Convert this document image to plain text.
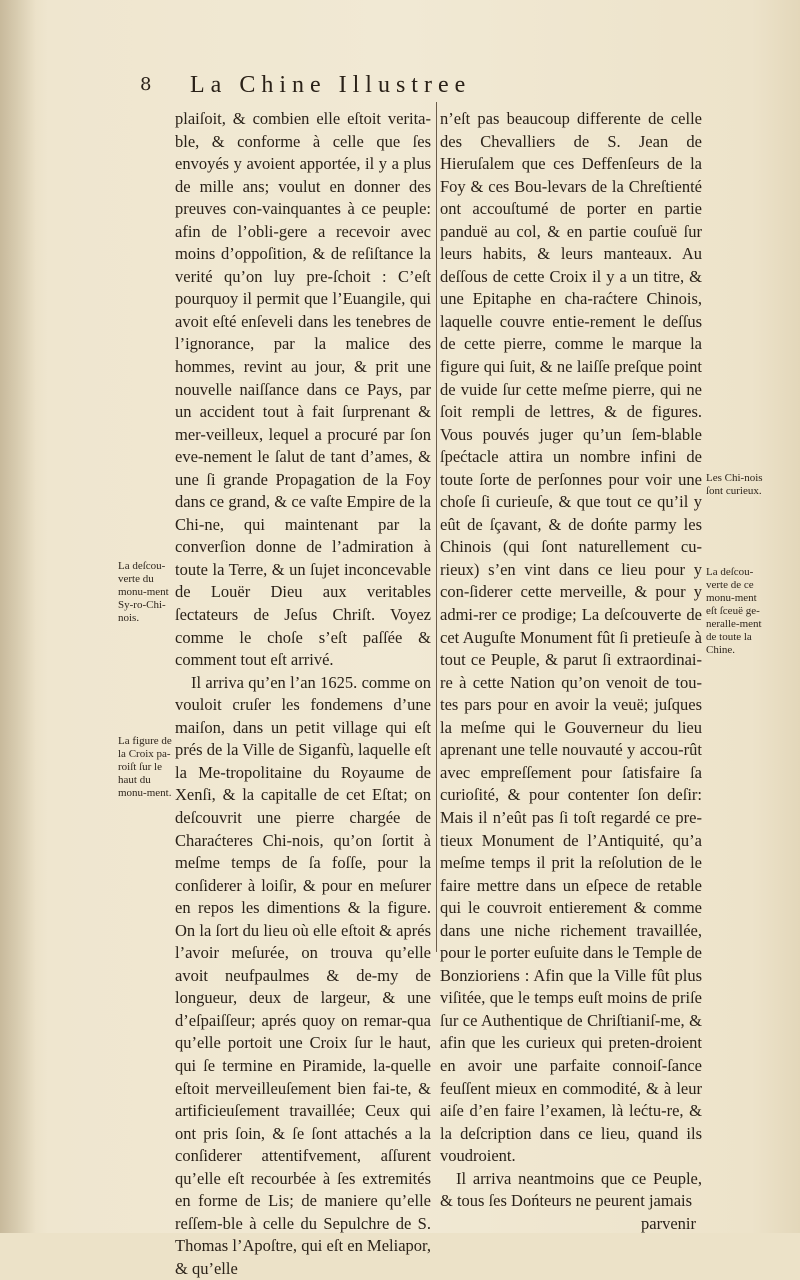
8 La Chine Illustree

plaiſoit, & combien elle eſtoit verita-ble, & conforme à celle que ſes envoyés y avoient apportée, il y a plus de mille ans; voulut en donner des preuves con-vainquantes à ce peuple: afin de l’obli-gere a recevoir avec moins d’oppoſition, & de reſiſtance la verité qu’on luy pre-ſchoit : C’eſt pourquoy il permit que l’Euangile, qui avoit eſté enſeveli dans les tenebres de l’ignorance, par la malice des hommes, revint au jour, & prit une nouvelle naiſſance dans ce Pays, par un accident tout à fait ſurprenant & mer-veilleux, lequel a procuré par ſon eve-nement le ſalut de tant d’ames, & une ſi grande Propagation de la Foy dans ce grand, & ce vaſte Empire de la Chi-ne, qui maintenant par la converſion donne de l’admiration à toute la Terre, & un ſujet inconcevable de Louër Dieu aux veritables ſectateurs de Jeſus Chriſt. Voyez comme le choſe s’eſt paſſée & comment tout eſt arrivé.

Il arriva qu’en l’an 1625. comme on vouloit cruſer les fondemens d’une maiſon, dans un petit village qui eſt prés de la Ville de Siganfù, laquelle eſt la Me-tropolitaine du Royaume de Xenſi, & la capitalle de cet Eſtat; on deſcouvrit une pierre chargée de Charaćteres Chi-nois, qu’on ſortit à meſme temps de ſa foſſe, pour la conſiderer à loiſir, & pour en meſurer en repos les dimentions & la figure. On la ſort du lieu où elle eſtoit & aprés l’avoir meſurée, on trouva qu’elle avoit neufpaulmes & de-my de longueur, deux de largeur, & une d’eſpaiſſeur; aprés quoy on remar-qua qu’elle portoit une Croix ſur le haut, qui ſe termine en Piramide, la-quelle eſtoit merveilleuſement bien fai-te, & artificieuſement travaillée; Ceux qui ont pris ſoin, & ſe ſont attachés a la conſiderer attentifvement, aſſurent qu’elle eſt recourbée à ſes extremités en forme de Lis; de maniere qu’elle reſſem-ble à celle du Sepulchre de S. Thomas l’Apoſtre, qui eſt en Meliapor, & qu’elle

n’eſt pas beaucoup differente de celle des Chevalliers de S. Jean de Hieruſalem que ces Deffenſeurs de la Foy & ces Bou-levars de la Chreſtienté ont accouſtumé de porter en partie panduë au col, & en partie couſuë ſur leurs habits, & leurs manteaux. Au deſſous de cette Croix il y a un titre, & une Epitaphe en cha-raćtere Chinois, laquelle couvre entie-rement le deſſus de cette pierre, comme le marque la figure qui ſuit, & ne laiſſe preſque point de vuide ſur cette meſme pierre, qui ne ſoit rempli de lettres, & de figures. Vous pouvés juger qu’un ſem-blable ſpećtacle attira un nombre infini de toute ſorte de perſonnes pour voir une choſe ſi curieuſe, & que tout ce qu’il y eût de ſçavant, & de dońte parmy les Chinois (qui ſont naturellement cu-rieux) s’en vint dans ce lieu pour y con-ſiderer cette merveille, & pour y admi-rer ce prodige; La deſcouverte de cet Auguſte Monument fût ſi pretieuſe à tout ce Peuple, & parut ſi extraordinai-re à cette Nation qu’on venoit de tou-tes pars pour en avoir la veuë; juſques la meſme qui le Gouverneur du lieu aprenant une telle nouvauté y accou-rût avec empreſſement pour ſatisfaire ſa curioſité, & pour contenter ſon deſir: Mais il n’eût pas ſi toſt regardé ce pre-tieux Monument de l’Antiquité, qu’a meſme temps il prit la reſolution de le faire mettre dans un eſpece de retable qui le couvroit entierement & comme dans une niche richement travaillée, pour le porter euſuite dans le Temple de Bonzioriens : Afin que la Ville fût plus viſitée, que le temps euſt moins de priſe ſur ce Authentique de Chriſtianiſ-me, & afin que les curieux qui preten-droient en avoir une parfaite connoiſ-ſance feuſſent mieux en commodité, & à leur aiſe d’en faire l’examen, là lećtu-re, & la deſcription dans ce lieu, quand ils voudroient.

Il arriva neantmoins que ce Peuple, & tous ſes Dońteurs ne peurent jamais

parvenir

La deſcou-verte du monu-ment Sy-ro-Chi-nois.
La figure de la Croix pa-roiſt ſur le haut du monu-ment.
Les Chi-nois ſont curieux.
La deſcou-verte de ce monu-ment eſt ſceuë ge-neralle-ment de toute la Chine.
